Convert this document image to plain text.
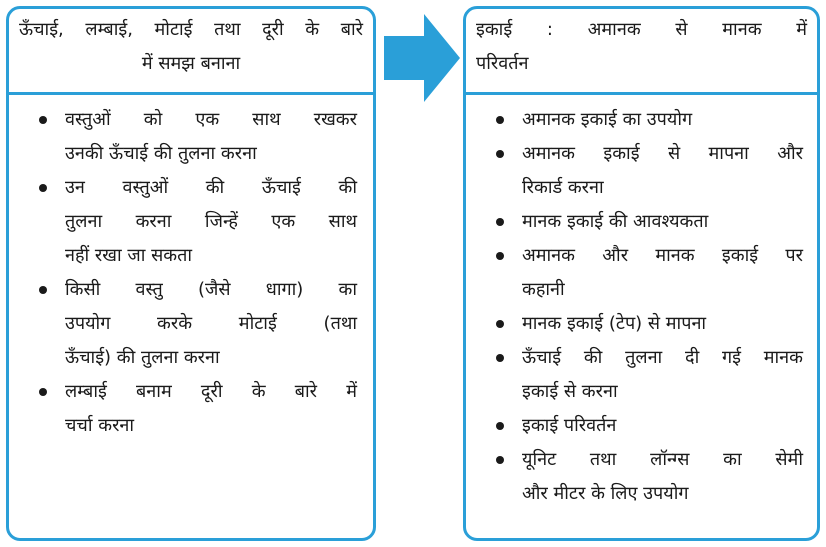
ऊँचाई, लम्बाई, मोटाई तथा दूरी के बारे
में समझ बनाना
वस्तुओं को एक साथ रखकर
उनकी ऊँचाई की तुलना करना
उन वस्तुओं की ऊँचाई की
तुलना करना जिन्हें एक साथ
नहीं रखा जा सकता
किसी वस्तु (जैसे धागा) का
उपयोग करके मोटाई (तथा
ऊँचाई) की तुलना करना
लम्बाई बनाम दूरी के बारे में
चर्चा करना
इकाई : अमानक से मानक में
परिवर्तन
अमानक इकाई का उपयोग
अमानक इकाई से मापना और
रिकार्ड करना
मानक इकाई की आवश्यकता
अमानक और मानक इकाई पर
कहानी
मानक इकाई (टेप) से मापना
ऊँचाई की तुलना दी गई मानक
इकाई से करना
इकाई परिवर्तन
यूनिट तथा लॉन्ग्स का सेमी
और मीटर के लिए उपयोग
